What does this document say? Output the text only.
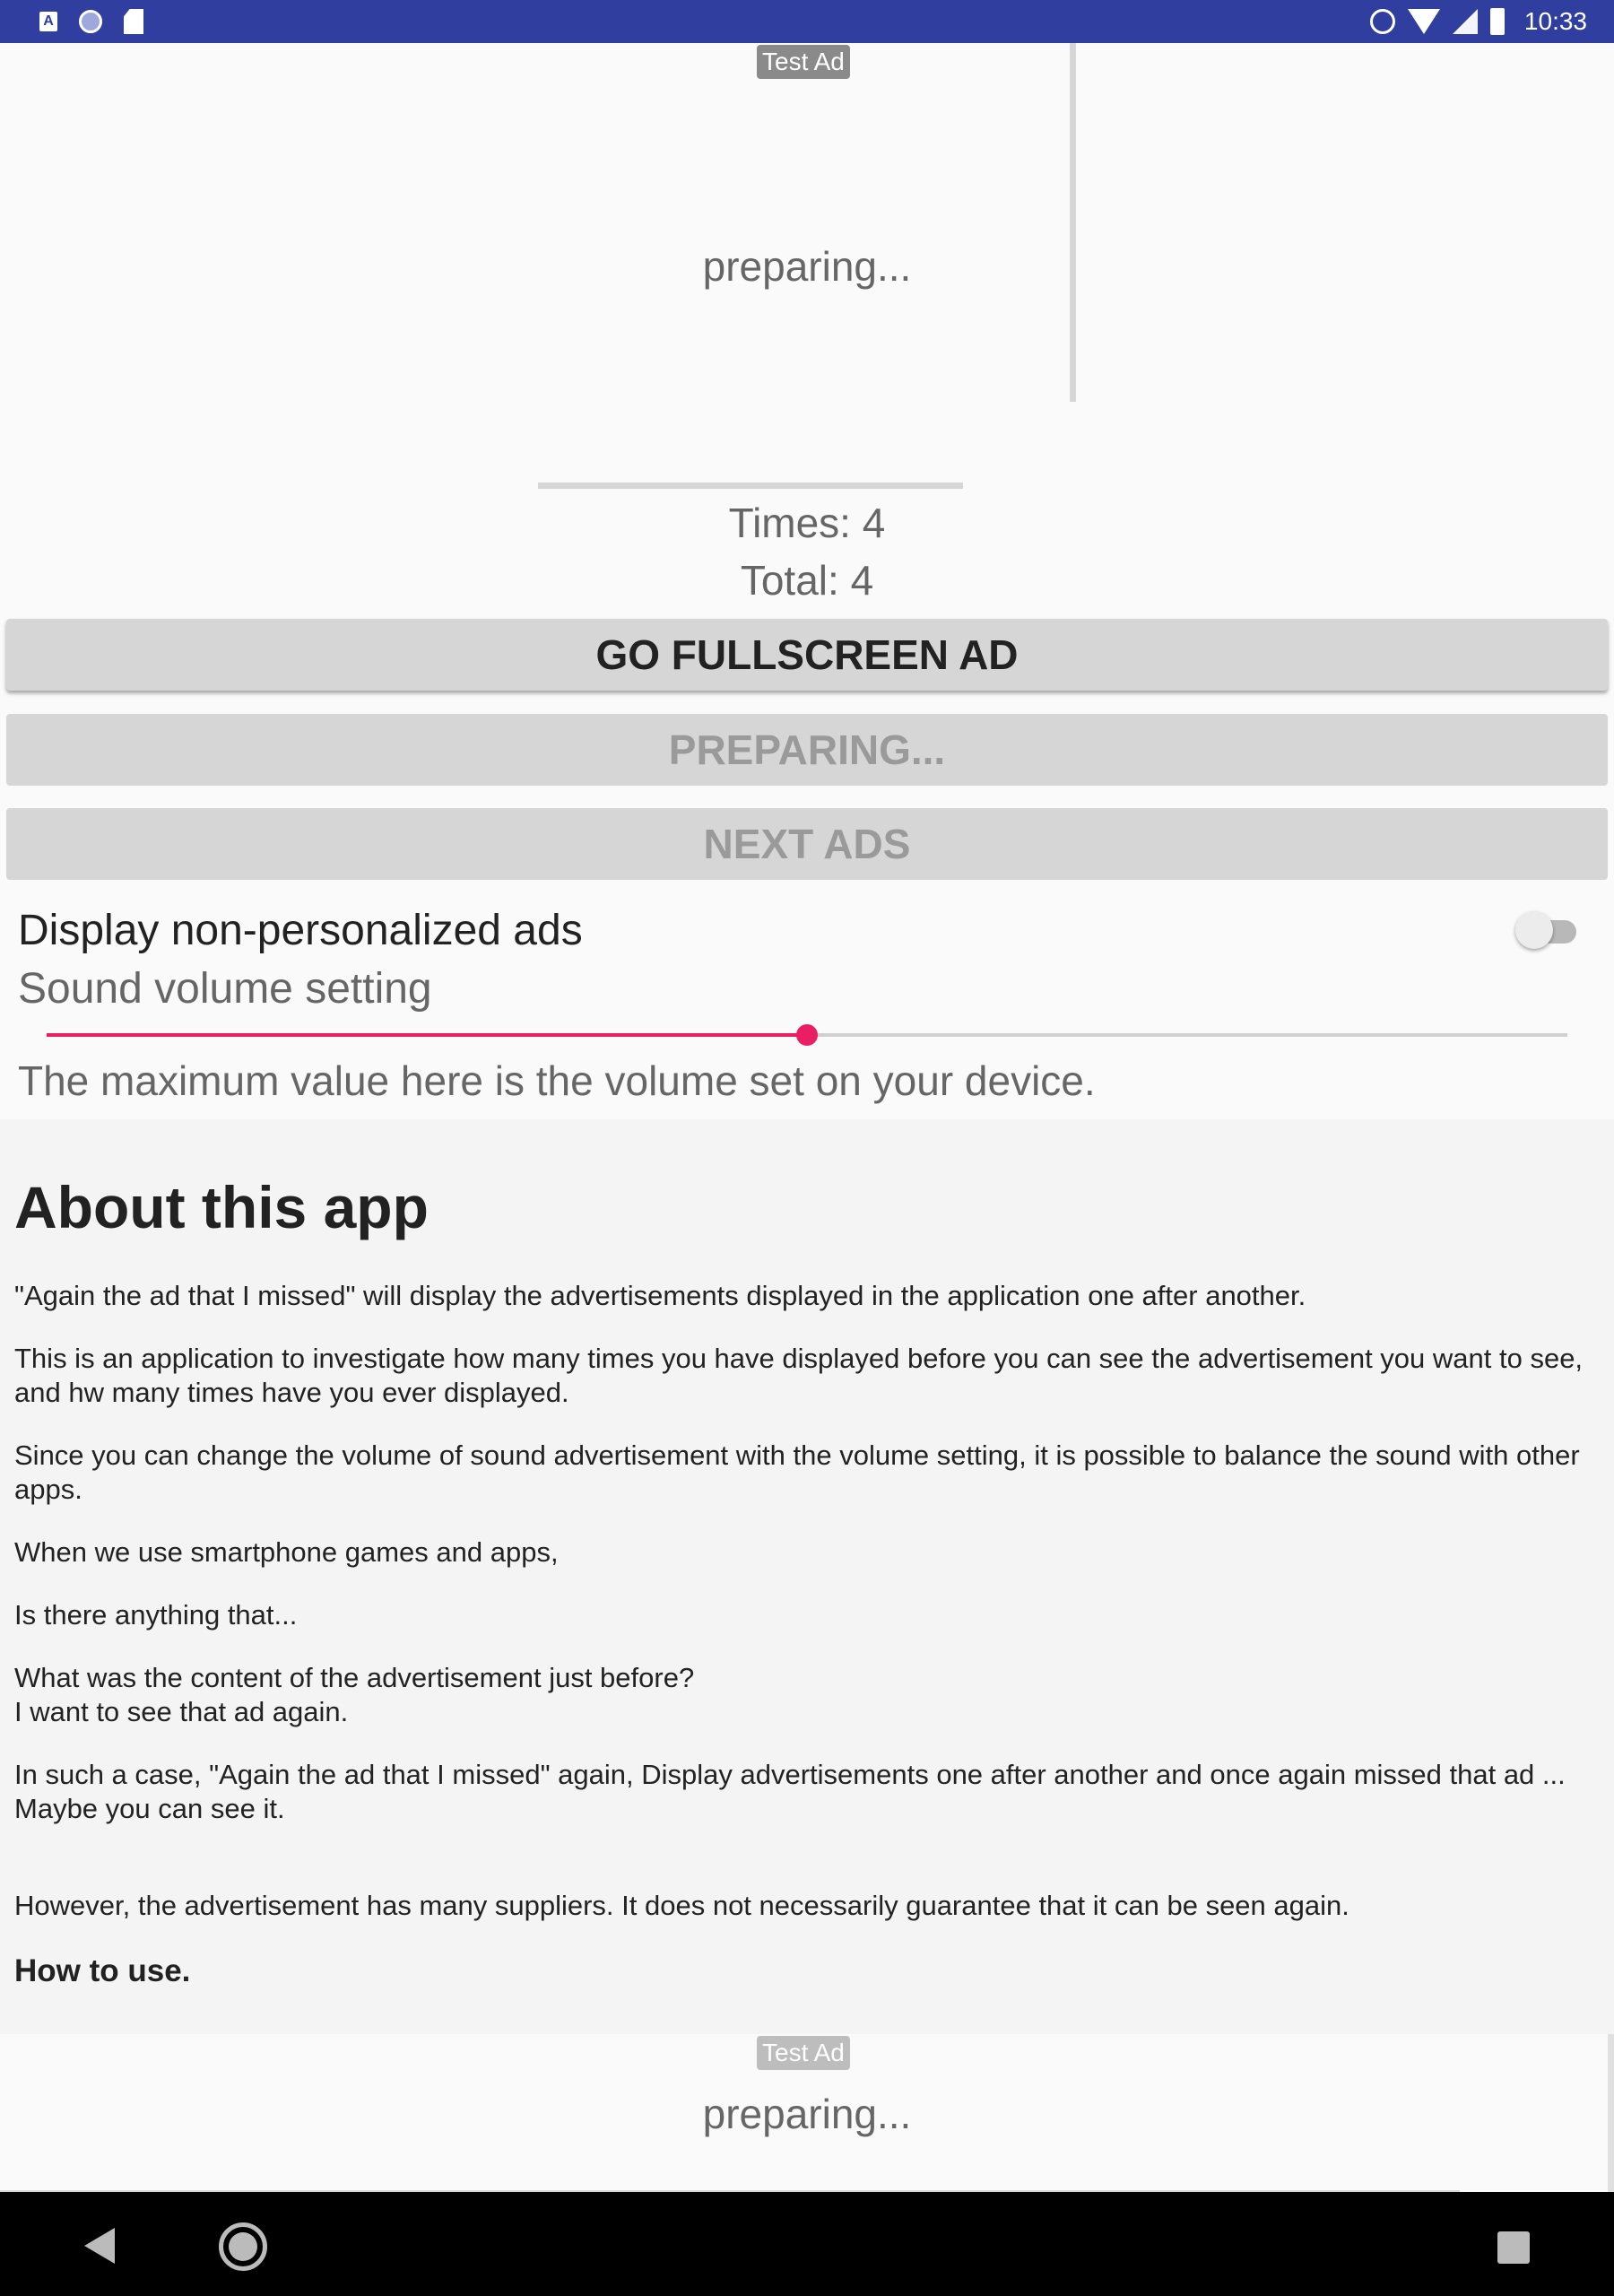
A	10:33
Test Ad
preparing...
Times: 4
Total: 4
GO FULLSCREEN AD
PREPARING...
NEXT ADS
Display non-personalized ads
Sound volume setting
The maximum value here is the volume set on your device.
About this app

"Again the ad that I missed" will display the advertisements displayed in the application one after another.

This is an application to investigate how many times you have displayed before you can see the advertisement you want to see, and hw many times have you ever displayed.

Since you can change the volume of sound advertisement with the volume setting, it is possible to balance the sound with other apps.

When we use smartphone games and apps,

Is there anything that...

What was the content of the advertisement just before?
I want to see that ad again.

In such a case, "Again the ad that I missed" again, Display advertisements one after another and once again missed that ad ...
Maybe you can see it.

However, the advertisement has many suppliers. It does not necessarily guarantee that it can be seen again.

How to use.
Test Ad
preparing...
